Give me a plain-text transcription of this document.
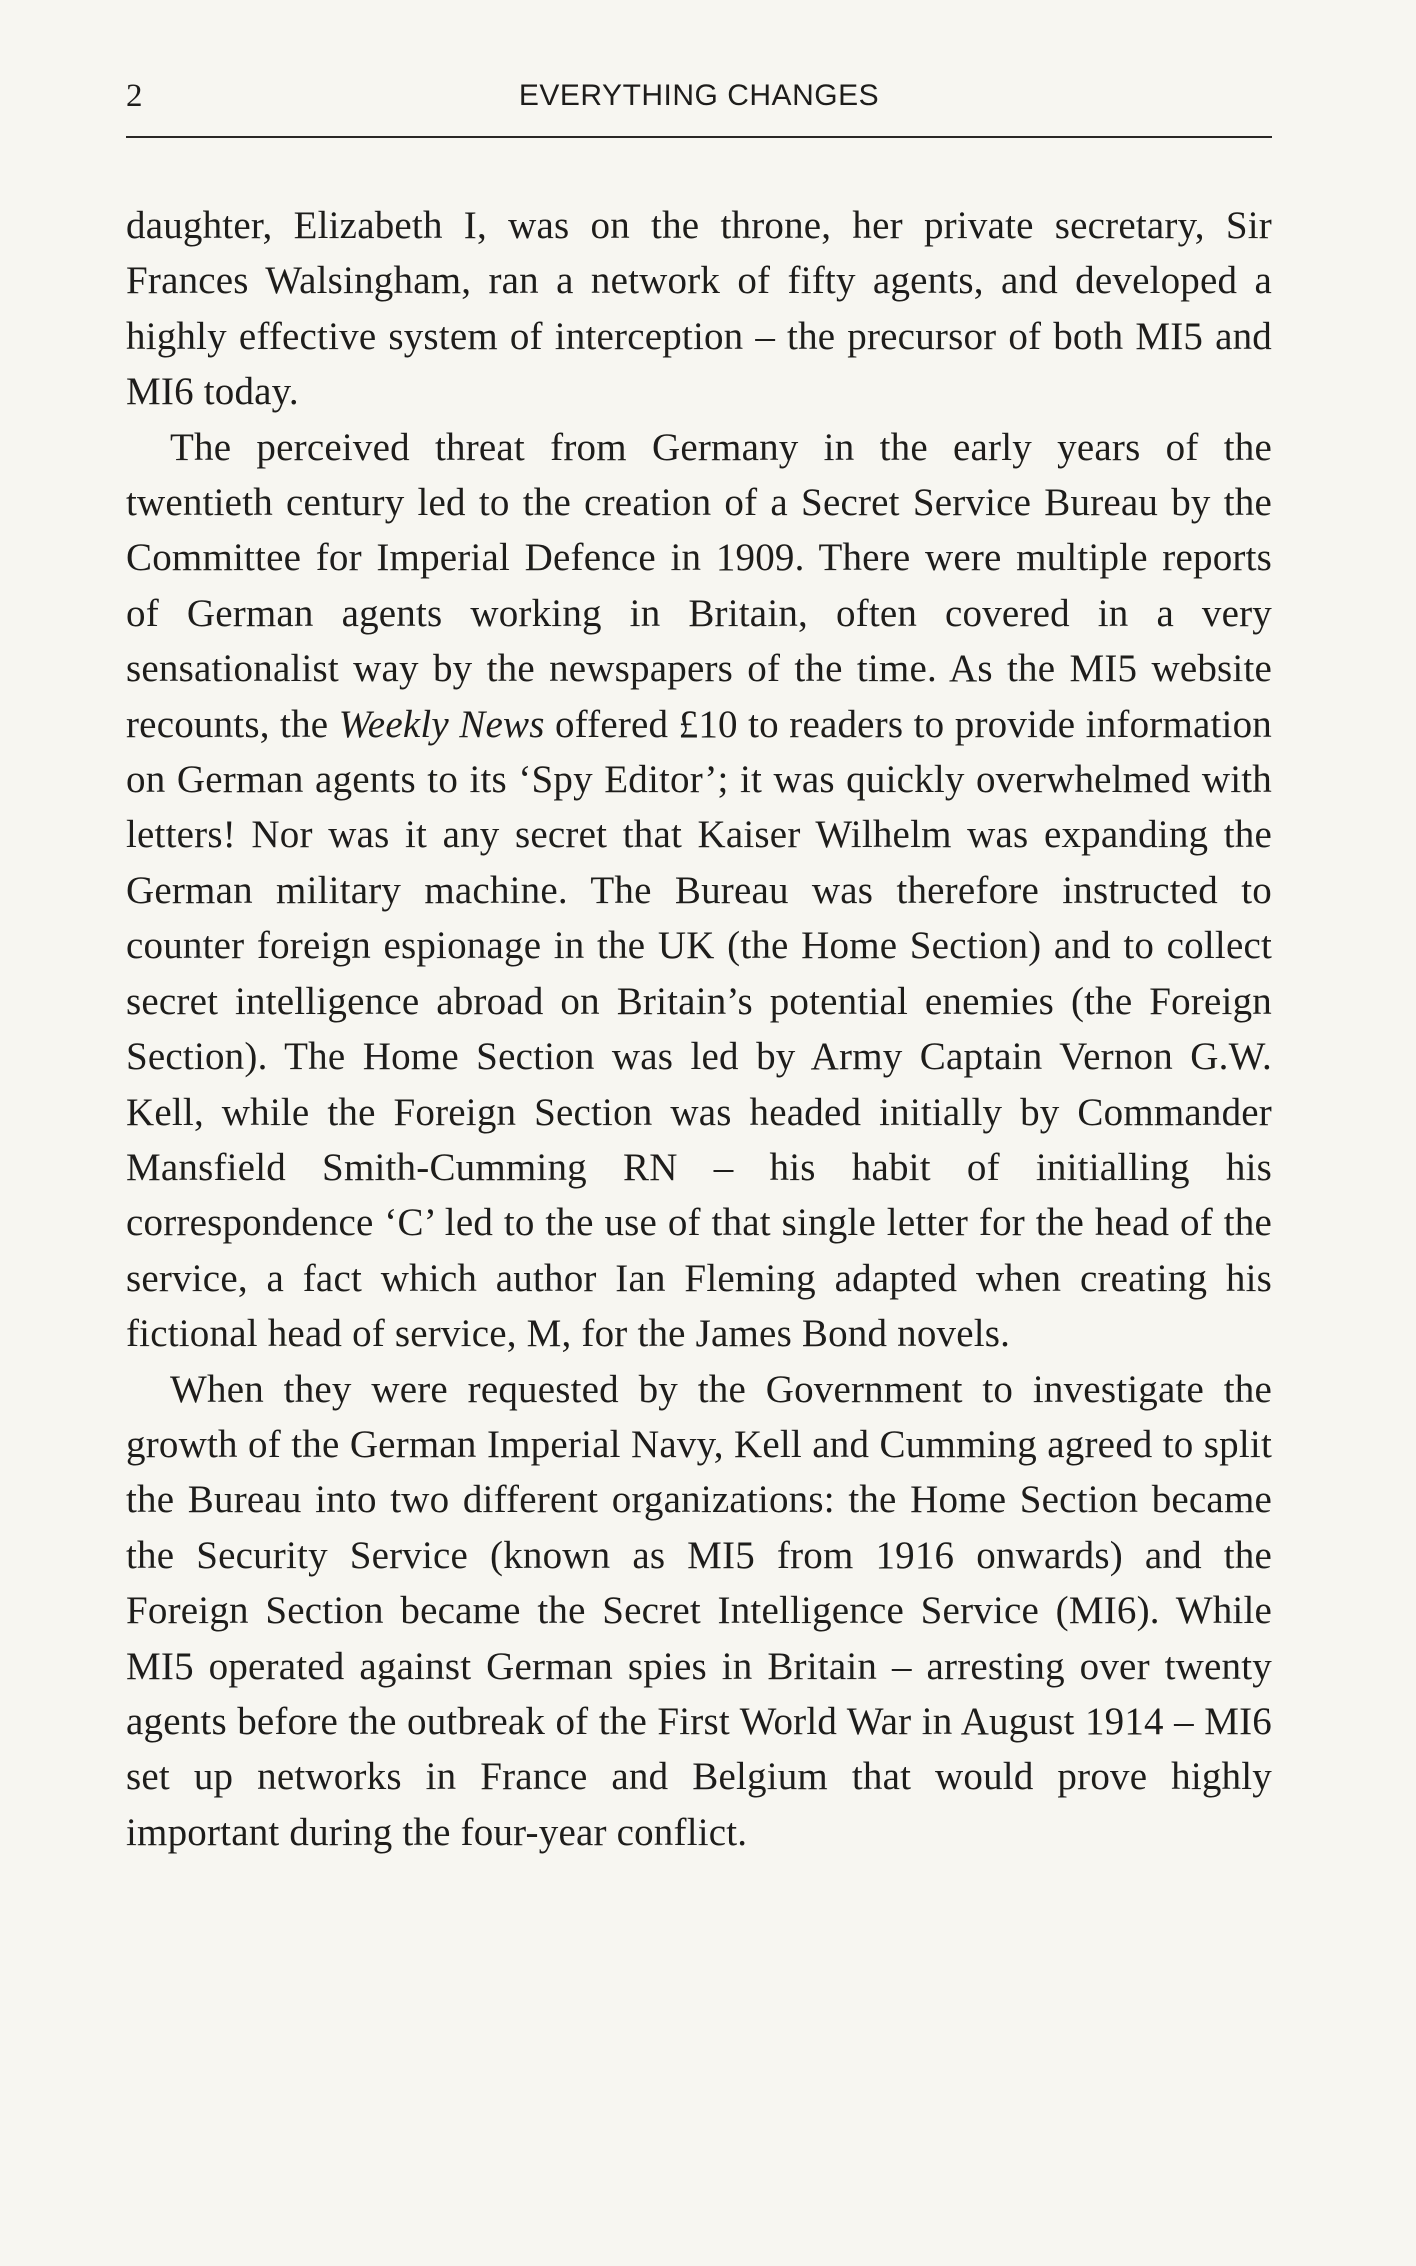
2	EVERYTHING CHANGES

daughter, Elizabeth I, was on the throne, her private secretary, Sir Frances Walsingham, ran a network of fifty agents, and developed a highly effective system of interception – the precursor of both MI5 and MI6 today.

The perceived threat from Germany in the early years of the twentieth century led to the creation of a Secret Service Bureau by the Committee for Imperial Defence in 1909. There were multiple reports of German agents working in Britain, often covered in a very sensationalist way by the newspapers of the time. As the MI5 website recounts, the Weekly News offered £10 to readers to provide information on German agents to its ‘Spy Editor’; it was quickly overwhelmed with letters! Nor was it any secret that Kaiser Wilhelm was expanding the German military machine. The Bureau was therefore instructed to counter foreign espionage in the UK (the Home Section) and to collect secret intelligence abroad on Britain’s potential enemies (the Foreign Section). The Home Section was led by Army Captain Vernon G.W. Kell, while the Foreign Section was headed initially by Commander Mansfield Smith-Cumming RN – his habit of initialling his correspondence ‘C’ led to the use of that single letter for the head of the service, a fact which author Ian Fleming adapted when creating his fictional head of service, M, for the James Bond novels.

When they were requested by the Government to investigate the growth of the German Imperial Navy, Kell and Cumming agreed to split the Bureau into two different organizations: the Home Section became the Security Service (known as MI5 from 1916 onwards) and the Foreign Section became the Secret Intelligence Service (MI6). While MI5 operated against German spies in Britain – arresting over twenty agents before the outbreak of the First World War in August 1914 – MI6 set up networks in France and Belgium that would prove highly important during the four-year conflict.
